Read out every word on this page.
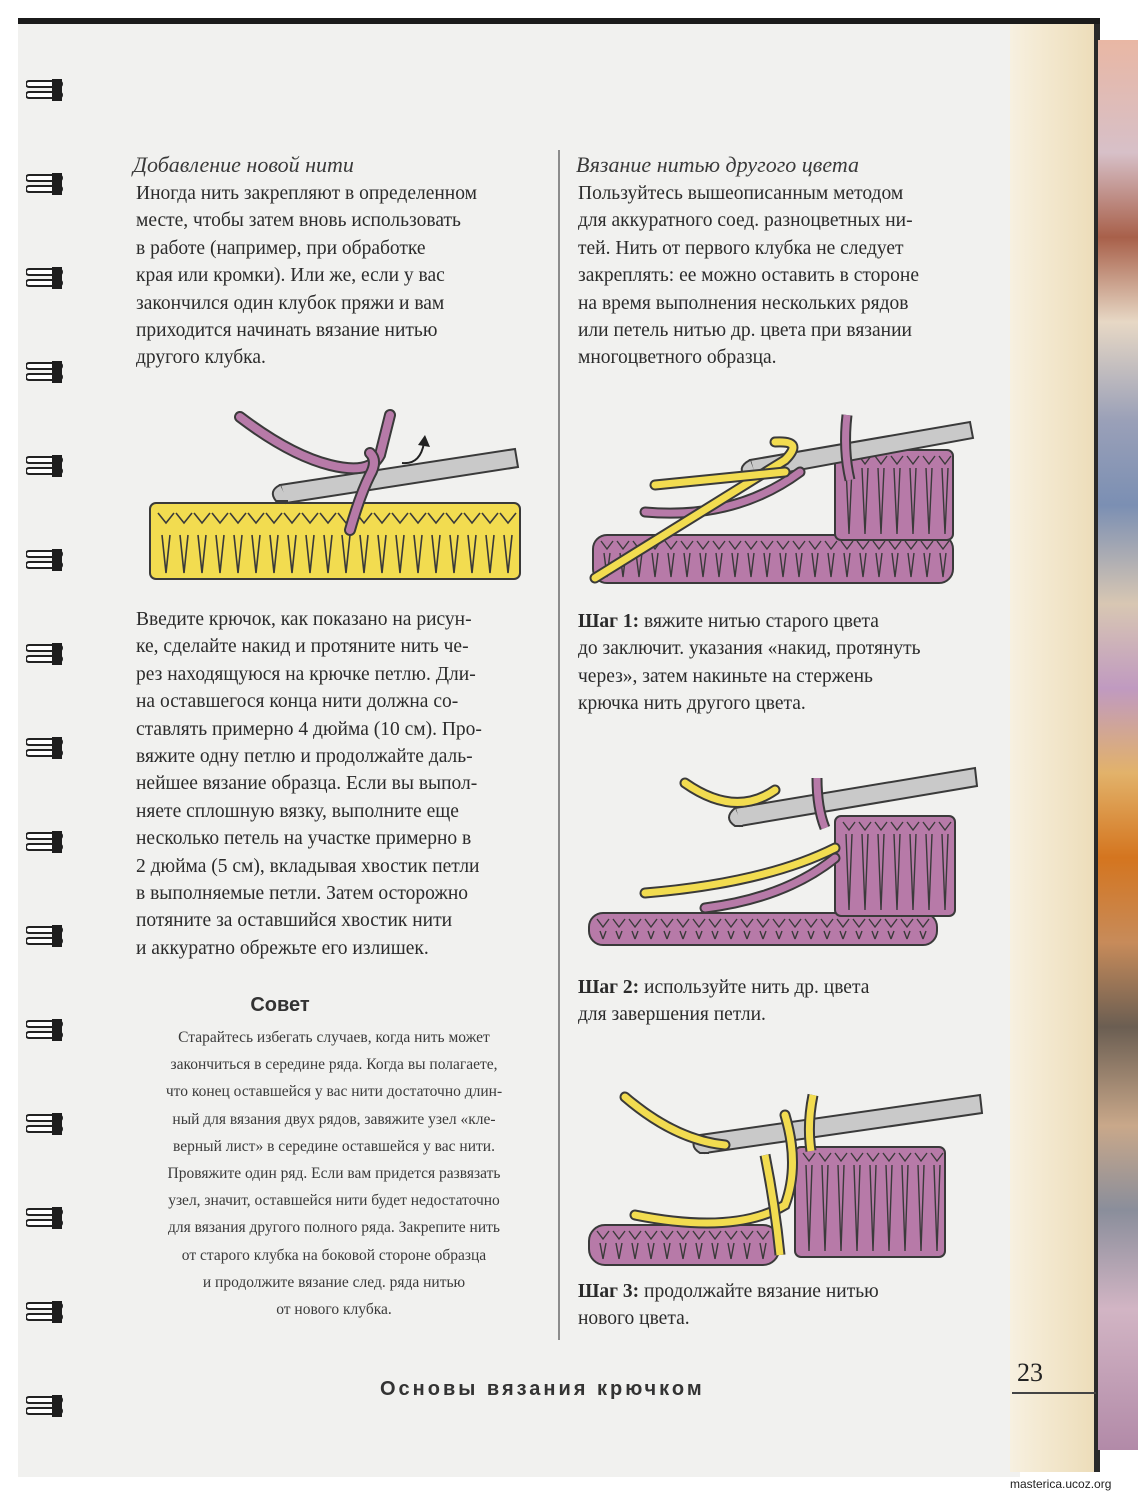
Добавление новой нити
Иногда нить закрепляют в определенном
месте, чтобы затем вновь использовать
в работе (например, при обработке
края или кромки). Или же, если у вас
закончился один клубок пряжи и вам
приходится начинать вязание нитью
другого клубка.
Введите крючок, как показано на рисун-
ке, сделайте накид и протяните нить че-
рез находящуюся на крючке петлю. Дли-
на оставшегося конца нити должна со-
ставлять примерно 4 дюйма (10 см). Про-
вяжите одну петлю и продолжайте даль-
нейшее вязание образца. Если вы выпол-
няете сплошную вязку, выполните еще
несколько петель на участке примерно в
2 дюйма (5 см), вкладывая хвостик петли
в выполняемые петли. Затем осторожно
потяните за оставшийся хвостик нити
и аккуратно обрежьте его излишек.
Совет
Старайтесь избегать случаев, когда нить может
закончиться в середине ряда. Когда вы полагаете,
что конец оставшейся у вас нити достаточно длин-
ный для вязания двух рядов, завяжите узел «кле-
верный лист» в середине оставшейся у вас нити.
Провяжите один ряд. Если вам придется развязать
узел, значит, оставшейся нити будет недостаточно
для вязания другого полного ряда. Закрепите нить
от старого клубка на боковой стороне образца
и продолжите вязание след. ряда нитью
от нового клубка.
Вязание нитью другого цвета
Пользуйтесь вышеописанным методом
для аккуратного соед. разноцветных ни-
тей. Нить от первого клубка не следует
закреплять: ее можно оставить в стороне
на время выполнения нескольких рядов
или петель нитью др. цвета при вязании
многоцветного образца.
Шаг 1: вяжите нитью старого цвета
до заключит. указания «накид, протянуть
через», затем накиньте на стержень
крючка нить другого цвета.
Шаг 2: используйте нить др. цвета
для завершения петли.
Шаг 3: продолжайте вязание нитью
нового цвета.
Основы вязания крючком
23
masterica.ucoz.org
